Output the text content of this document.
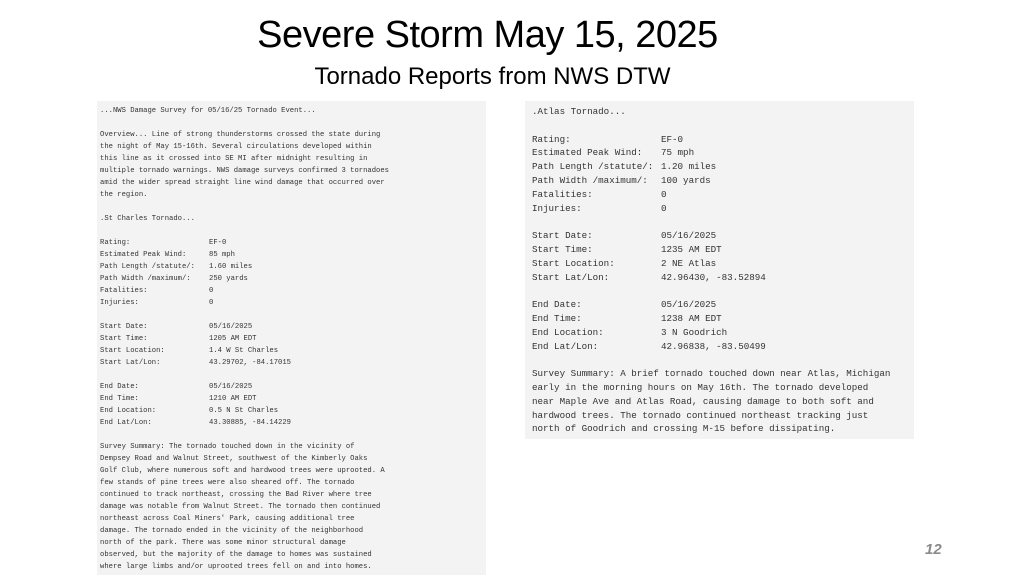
Severe Storm May 15, 2025
Tornado Reports from NWS DTW
...NWS Damage Survey for 05/16/25 Tornado Event...
Overview... Line of strong thunderstorms crossed the state during
the night of May 15-16th. Several circulations developed within
this line as it crossed into SE MI after midnight resulting in
multiple tornado warnings. NWS damage surveys confirmed 3 tornadoes
amid the wider spread straight line wind damage that occurred over
the region.
.St Charles Tornado...
Rating:	EF-0
Estimated Peak Wind:	85 mph
Path Length /statute/:	1.60 miles
Path Width /maximum/:	250 yards
Fatalities:	0
Injuries:	0
Start Date:	05/16/2025
Start Time:	1205 AM EDT
Start Location:	1.4 W St Charles
Start Lat/Lon:	43.29702, -84.17015
End Date:	05/16/2025
End Time:	1210 AM EDT
End Location:	0.5 N St Charles
End Lat/Lon:	43.30885, -84.14229
Survey Summary: The tornado touched down in the vicinity of
Dempsey Road and Walnut Street, southwest of the Kimberly Oaks
Golf Club, where numerous soft and hardwood trees were uprooted. A
few stands of pine trees were also sheared off. The tornado
continued to track northeast, crossing the Bad River where tree
damage was notable from Walnut Street. The tornado then continued
northeast across Coal Miners' Park, causing additional tree
damage. The tornado ended in the vicinity of the neighborhood
north of the park. There was some minor structural damage
observed, but the majority of the damage to homes was sustained
where large limbs and/or uprooted trees fell on and into homes.
.Atlas Tornado...
Rating:	EF-0
Estimated Peak Wind:	75 mph
Path Length /statute/: 1.20 miles
Path Width /maximum/:	100 yards
Fatalities:	0
Injuries:	0
Start Date:	05/16/2025
Start Time:	1235 AM EDT
Start Location:	2 NE Atlas
Start Lat/Lon:	42.96430, -83.52894
End Date:	05/16/2025
End Time:	1238 AM EDT
End Location:	3 N Goodrich
End Lat/Lon:	42.96838, -83.50499
Survey Summary: A brief tornado touched down near Atlas, Michigan
early in the morning hours on May 16th. The tornado developed
near Maple Ave and Atlas Road, causing damage to both soft and
hardwood trees. The tornado continued northeast tracking just
north of Goodrich and crossing M-15 before dissipating.
12
